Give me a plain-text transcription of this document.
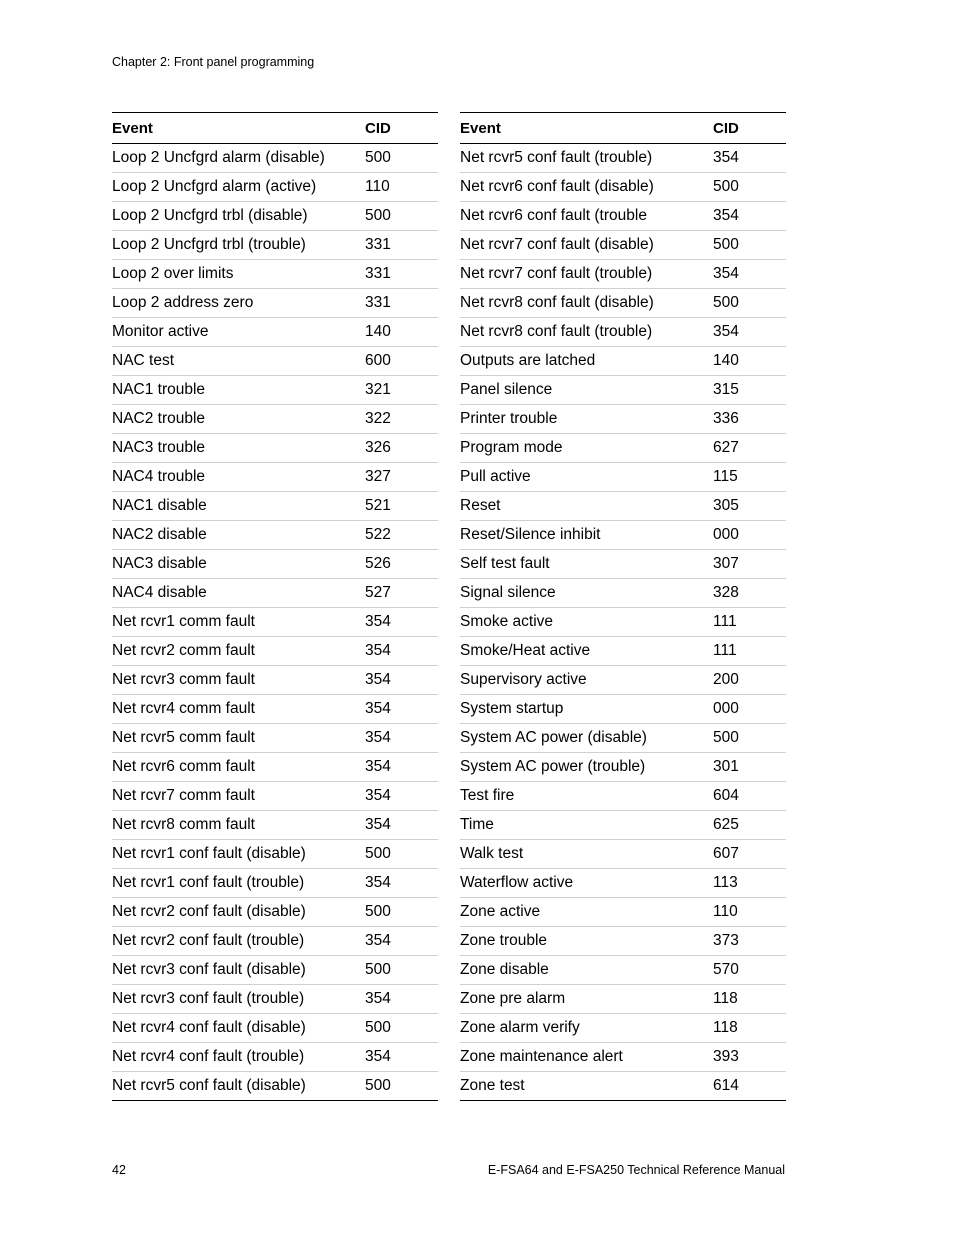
Chapter 2: Front panel programming
Event	CID
Loop 2 Uncfgrd alarm (disable)	500
Loop 2 Uncfgrd alarm (active)	110
Loop 2 Uncfgrd trbl (disable)	500
Loop 2 Uncfgrd trbl (trouble)	331
Loop 2 over limits	331
Loop 2 address zero	331
Monitor active	140
NAC test	600
NAC1 trouble	321
NAC2 trouble	322
NAC3 trouble	326
NAC4 trouble	327
NAC1 disable	521
NAC2 disable	522
NAC3 disable	526
NAC4 disable	527
Net rcvr1 comm fault	354
Net rcvr2 comm fault	354
Net rcvr3 comm fault	354
Net rcvr4 comm fault	354
Net rcvr5 comm fault	354
Net rcvr6 comm fault	354
Net rcvr7 comm fault	354
Net rcvr8 comm fault	354
Net rcvr1 conf fault (disable)	500
Net rcvr1 conf fault (trouble)	354
Net rcvr2 conf fault (disable)	500
Net rcvr2 conf fault (trouble)	354
Net rcvr3 conf fault (disable)	500
Net rcvr3 conf fault (trouble)	354
Net rcvr4 conf fault (disable)	500
Net rcvr4 conf fault (trouble)	354
Net rcvr5 conf fault (disable)	500
Event	CID
Net rcvr5 conf fault (trouble)	354
Net rcvr6 conf fault (disable)	500
Net rcvr6 conf fault (trouble	354
Net rcvr7 conf fault (disable)	500
Net rcvr7 conf fault (trouble)	354
Net rcvr8 conf fault (disable)	500
Net rcvr8 conf fault (trouble)	354
Outputs are latched	140
Panel silence	315
Printer trouble	336
Program mode	627
Pull active	115
Reset	305
Reset/Silence inhibit	000
Self test fault	307
Signal silence	328
Smoke active	111
Smoke/Heat active	111
Supervisory active	200
System startup	000
System AC power (disable)	500
System AC power (trouble)	301
Test fire	604
Time	625
Walk test	607
Waterflow active	113
Zone active	110
Zone trouble	373
Zone disable	570
Zone pre alarm	118
Zone alarm verify	118
Zone maintenance alert	393
Zone test	614
42	E-FSA64 and E-FSA250 Technical Reference Manual
